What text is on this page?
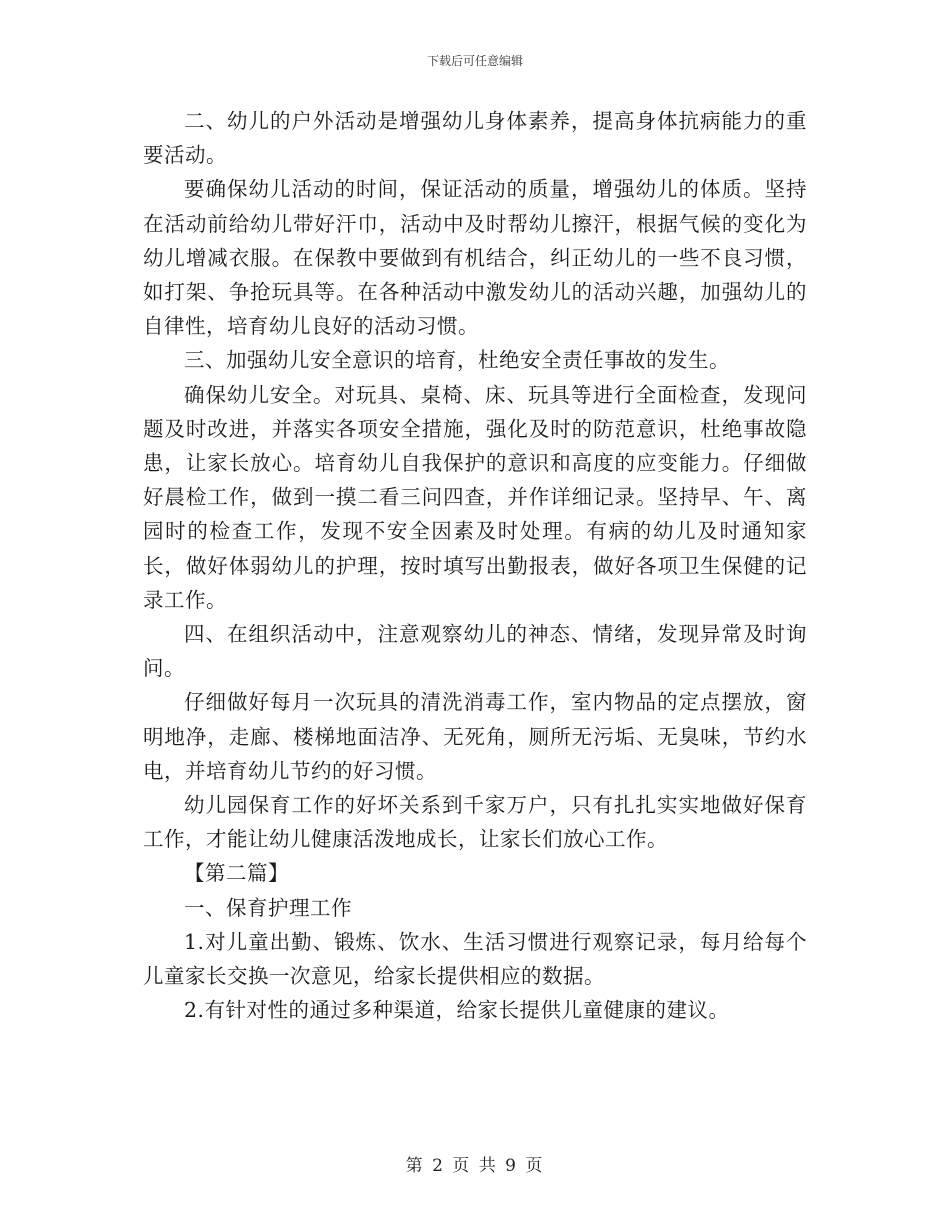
下载后可任意编辑

二、幼儿的户外活动是增强幼儿身体素养，提高身体抗病能力的重要活动。

要确保幼儿活动的时间，保证活动的质量，增强幼儿的体质。坚持在活动前给幼儿带好汗巾，活动中及时帮幼儿擦汗，根据气候的变化为幼儿增减衣服。在保教中要做到有机结合，纠正幼儿的一些不良习惯，如打架、争抢玩具等。在各种活动中激发幼儿的活动兴趣，加强幼儿的自律性，培育幼儿良好的活动习惯。

三、加强幼儿安全意识的培育，杜绝安全责任事故的发生。

确保幼儿安全。对玩具、桌椅、床、玩具等进行全面检查，发现问题及时改进，并落实各项安全措施，强化及时的防范意识，杜绝事故隐患，让家长放心。培育幼儿自我保护的意识和高度的应变能力。仔细做好晨检工作，做到一摸二看三问四查，并作详细记录。坚持早、午、离园时的检查工作，发现不安全因素及时处理。有病的幼儿及时通知家长，做好体弱幼儿的护理，按时填写出勤报表，做好各项卫生保健的记录工作。

四、在组织活动中，注意观察幼儿的神态、情绪，发现异常及时询问。

仔细做好每月一次玩具的清洗消毒工作，室内物品的定点摆放，窗明地净，走廊、楼梯地面洁净、无死角，厕所无污垢、无臭味，节约水电，并培育幼儿节约的好习惯。

幼儿园保育工作的好坏关系到千家万户，只有扎扎实实地做好保育工作，才能让幼儿健康活泼地成长，让家长们放心工作。

【第二篇】

一、保育护理工作

1.对儿童出勤、锻炼、饮水、生活习惯进行观察记录，每月给每个儿童家长交换一次意见，给家长提供相应的数据。

2.有针对性的通过多种渠道，给家长提供儿童健康的建议。

第 2 页 共 9 页
